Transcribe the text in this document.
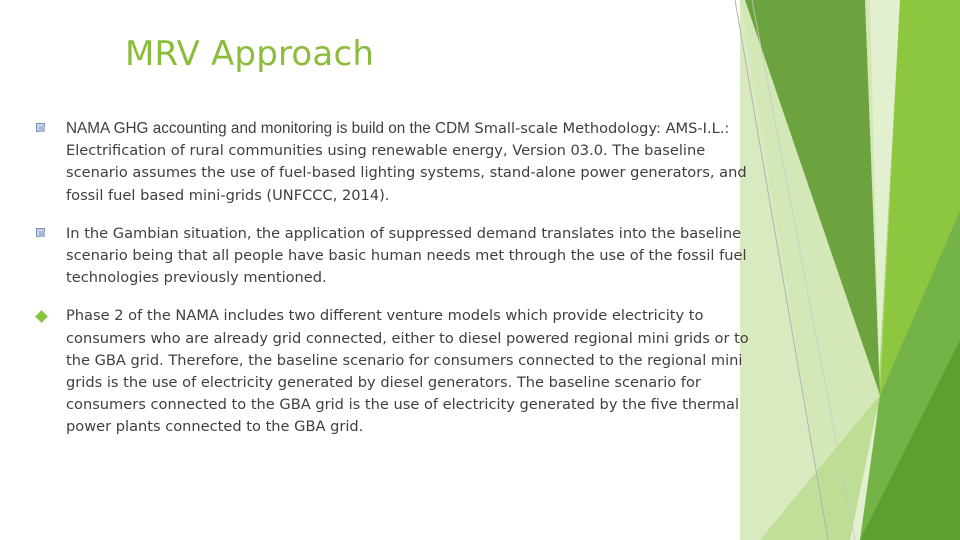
MRV Approach
NAMA GHG accounting and monitoring is build on the CDM Small-scale Methodology: AMS-I.L.: Electrification of rural communities using renewable energy, Version 03.0. The baseline scenario assumes the use of fuel-based lighting systems, stand-alone power generators, and fossil fuel based mini-grids (UNFCCC, 2014).
In the Gambian situation, the application of suppressed demand translates into the baseline scenario being that all people have basic human needs met through the use of the fossil fuel technologies previously mentioned.
Phase 2 of the NAMA includes two different venture models which provide electricity to consumers who are already grid connected, either to diesel powered regional mini grids or to the GBA grid. Therefore, the baseline scenario for consumers connected to the regional mini grids is the use of electricity generated by diesel generators. The baseline scenario for consumers connected to the GBA grid is the use of electricity generated by the five thermal power plants connected to the GBA grid.
